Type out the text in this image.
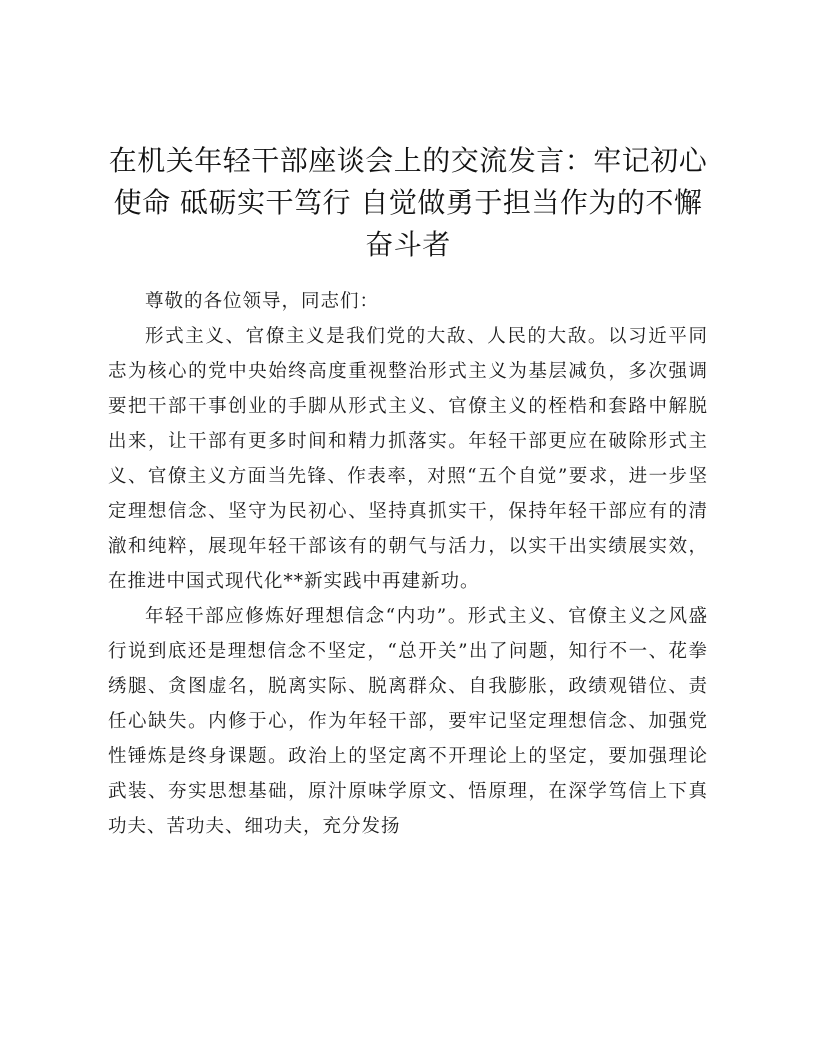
在机关年轻干部座谈会上的交流发言：牢记初心使命 砥砺实干笃行 自觉做勇于担当作为的不懈奋斗者

尊敬的各位领导，同志们：

形式主义、官僚主义是我们党的大敌、人民的大敌。以习近平同志为核心的党中央始终高度重视整治形式主义为基层减负，多次强调要把干部干事创业的手脚从形式主义、官僚主义的桎梏和套路中解脱出来，让干部有更多时间和精力抓落实。年轻干部更应在破除形式主义、官僚主义方面当先锋、作表率，对照“五个自觉”要求，进一步坚定理想信念、坚守为民初心、坚持真抓实干，保持年轻干部应有的清澈和纯粹，展现年轻干部该有的朝气与活力，以实干出实绩展实效，在推进中国式现代化**新实践中再建新功。

年轻干部应修炼好理想信念“内功”。形式主义、官僚主义之风盛行说到底还是理想信念不坚定，“总开关”出了问题，知行不一、花拳绣腿、贪图虚名，脱离实际、脱离群众、自我膨胀，政绩观错位、责任心缺失。内修于心，作为年轻干部，要牢记坚定理想信念、加强党性锤炼是终身课题。政治上的坚定离不开理论上的坚定，要加强理论武装、夯实思想基础，原汁原味学原文、悟原理，在深学笃信上下真功夫、苦功夫、细功夫，充分发扬
